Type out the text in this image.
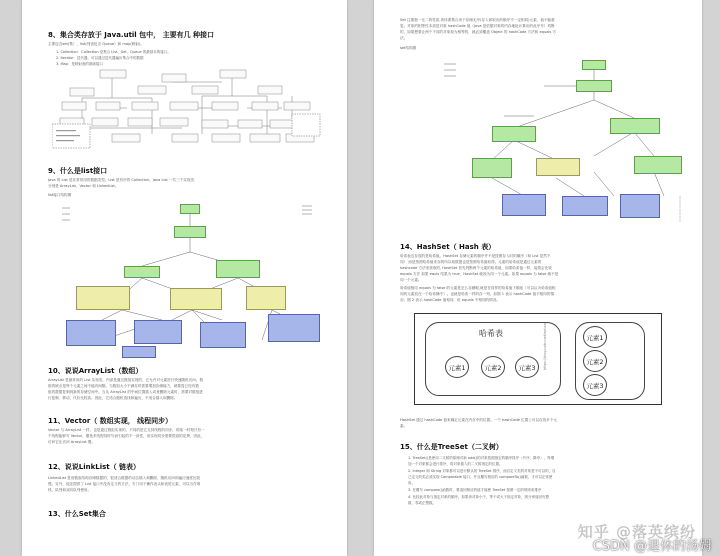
8、集合类存放于 Java.util 包中， 主要有几 种接口
主要包含set(集）、list(列表包含 Queue）和 map(映射)。
1. Collection：Collection 是集合 List、Set、Queue 的最基本的接口。
2. Iterator：迭代器，可以通过迭代器遍历集合中的数据
3. Map：是映射表的基础接口
9、什么是list接口
Java 的 List 是非常常用的数据类型。List 是有序的 Collection。Java List 一共三个实现类：
分别是 ArrayList、Vector 和 LinkedList。
list接口结构图
10、说说ArrayList（数组）
ArrayList 是最常用的 List 实现类，内部是通过数组实现的，它允许对元素进行快速随机访问。数
组的缺点是每个元素之间不能有间隔，当数组大小不满足时需要增加存储能力，就要将已经有数
组的数据复制到新的存储空间中。当从 ArrayList 的中间位置插入或者删除元素时，需要对数组进
行复制、移动，代价比较高。因此，它适合随机查找和遍历，不适合插入和删除。
11、Vector（ 数组实现， 线程同步）
Vector 与 ArrayList 一样，也是通过数组实现的，不同的是它支持线程的同步，即某一时刻只有一
个线程能够写 Vector，避免多线程同时写而引起的不一致性，但实现同步需要很高的花费，因此，
访问它比访问 ArrayList 慢。
12、说说LinkList（ 链表）
LinkedList 是用链表结构存储数据的，很适合数据的动态插入和删除，随机访问和遍历速度比较
慢。另外，他还提供了 List 接口中没有定义的方法，专门用于操作表头和表尾元素，可以当作堆
栈、队列和双向队列使用。
13、什么Set集合
Set 注重独一无二的性质,该体系集合用于存储无序(存入和取出的顺序不一定相同)元素，值不能重
复。对象的相等性本质是对象 hashCode 值（java 是依据对象的内存地址计算出的此序号）判断
的，如果想要让两个不同的对象视为相等的，就必须覆盖 Object 的 hashCode 方法和 equals 方
法。
set结构图
14、HashSet（ Hash 表）
哈希表边存放的是哈希值。HashSet 存储元素的顺序并不是按照存入时的顺序（和 List 显然不
同） 而是按照哈希值来存的所以取数据也是按照哈希值取得。元素的哈希值是通过元素的
hashcode 方法来获取的, HashSet 首先判断两个元素的哈希值，如果哈希值一样，接着会比较
equals 方法 如果 equls 结果为 true，HashSet 就视为同一个元素。如果 equals 为 false 就不是
同一个元素。
哈希值相同 equals 为 false 的元素是怎么存储呢,就是在同样的哈希值下顺延（可以认为哈希值相
同的元素放在一个哈希桶中）。也就是哈希一样的存一列。如图 1 表示 hashCode 值不相同的情
况；图 2 表示 hashCode 值相同，但 equals 不相同的情况。
哈希表
元素1	元素2	元素3
元素1
元素2
元素3
https://blog.csdn.net/weixin
HashSet 通过 hashCode 值来确定元素在内存中的位置。一个 hashCode 位置上可以存放多个元
素。
15、什么是TreeSet（二叉树）
1. TreeSet()是使用二叉树的原理对新 add()的对象按照指定的顺序排序（升序、降序），每增
加一个对象都会进行排序，将对象插入的二叉树指定的位置。
2. Integer 和 String 对象都可以进行默认的 TreeSet 排序，而自定义类的对象是不可以的，自
己定义的类必须实现 Comparable 接口，并且覆写相应的 compareTo()函数，才可以正常使
用。
3. 在覆写 compare()函数时，要返回相应的值才能使 TreeSet 按照一定的规则来排序
4. 比较此对象与指定对象的顺序。如果该对象小于、等于或大于指定对象，则分别返回负整
数、零或正整数。
知乎 @落英缤纷
CSDN @退休的汤姆
